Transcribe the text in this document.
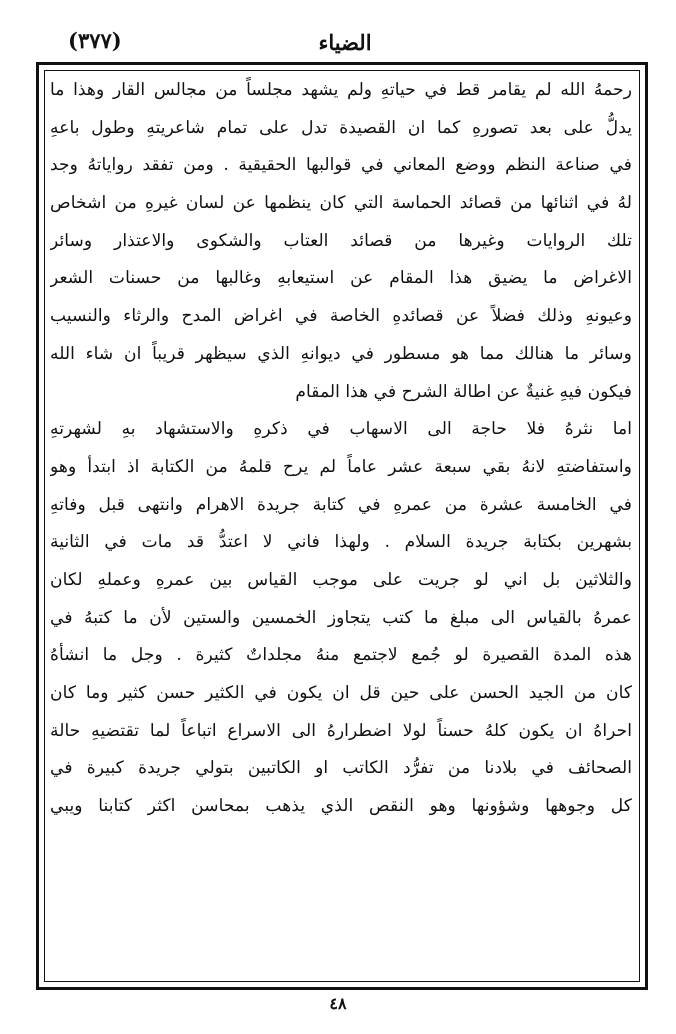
(٣٧٧)	الضياء
رحمهُ الله لم يقامر قط في حياتهِ ولم يشهد مجلساً من مجالس القار وهذا ما
يدلُّ على بعد تصورهِ كما ان القصيدة تدل على تمام شاعريتهِ وطول باعهِ
في صناعة النظم ووضع المعاني في قوالبها الحقيقية . ومن تفقد رواياتهُ وجد
لهُ في اثنائها من قصائد الحماسة التي كان ينظمها عن لسان غيرهِ من اشخاص
تلك الروايات وغيرها من قصائد العتاب والشكوى والاعتذار وسائر
الاغراض ما يضيق هذا المقام عن استيعابهِ وغالبها من حسنات الشعر
وعيونهِ وذلك فضلاً عن قصائدهِ الخاصة في اغراض المدح والرثاء والنسيب
وسائر ما هنالك مما هو مسطور في ديوانهِ الذي سيظهر قريباً ان شاء الله
فيكون فيهِ غنيةٌ عن اطالة الشرح في هذا المقام
اما نثرهُ فلا حاجة الى الاسهاب في ذكرهِ والاستشهاد بهِ لشهرتهِ
واستفاضتهِ لانهُ بقي سبعة عشر عاماً لم يرح قلمهُ من الكتابة اذ ابتدأ وهو
في الخامسة عشرة من عمرهِ في كتابة جريدة الاهرام وانتهى قبل وفاتهِ
بشهرين بكتابة جريدة السلام . ولهذا فاني لا اعتدُّ قد مات في الثانية
والثلاثين بل اني لو جريت على موجب القياس بين عمرهِ وعملهِ لكان
عمرهُ بالقياس الى مبلغ ما كتب يتجاوز الخمسين والستين لأن ما كتبهُ في
هذه المدة القصيرة لو جُمع لاجتمع منهُ مجلداتٌ كثيرة . وجل ما انشأهُ
كان من الجيد الحسن على حين قل ان يكون في الكثير حسن كثير وما كان
احراهُ ان يكون كلهُ حسناً لولا اضطرارهُ الى الاسراع اتباعاً لما تقتضيهِ حالة
الصحائف في بلادنا من تفرُّد الكاتب او الكاتبين بتولي جريدة كبيرة في
كل وجوهها وشؤونها وهو النقص الذي يذهب بمحاسن اكثر كتابنا ويبي
٤٨
